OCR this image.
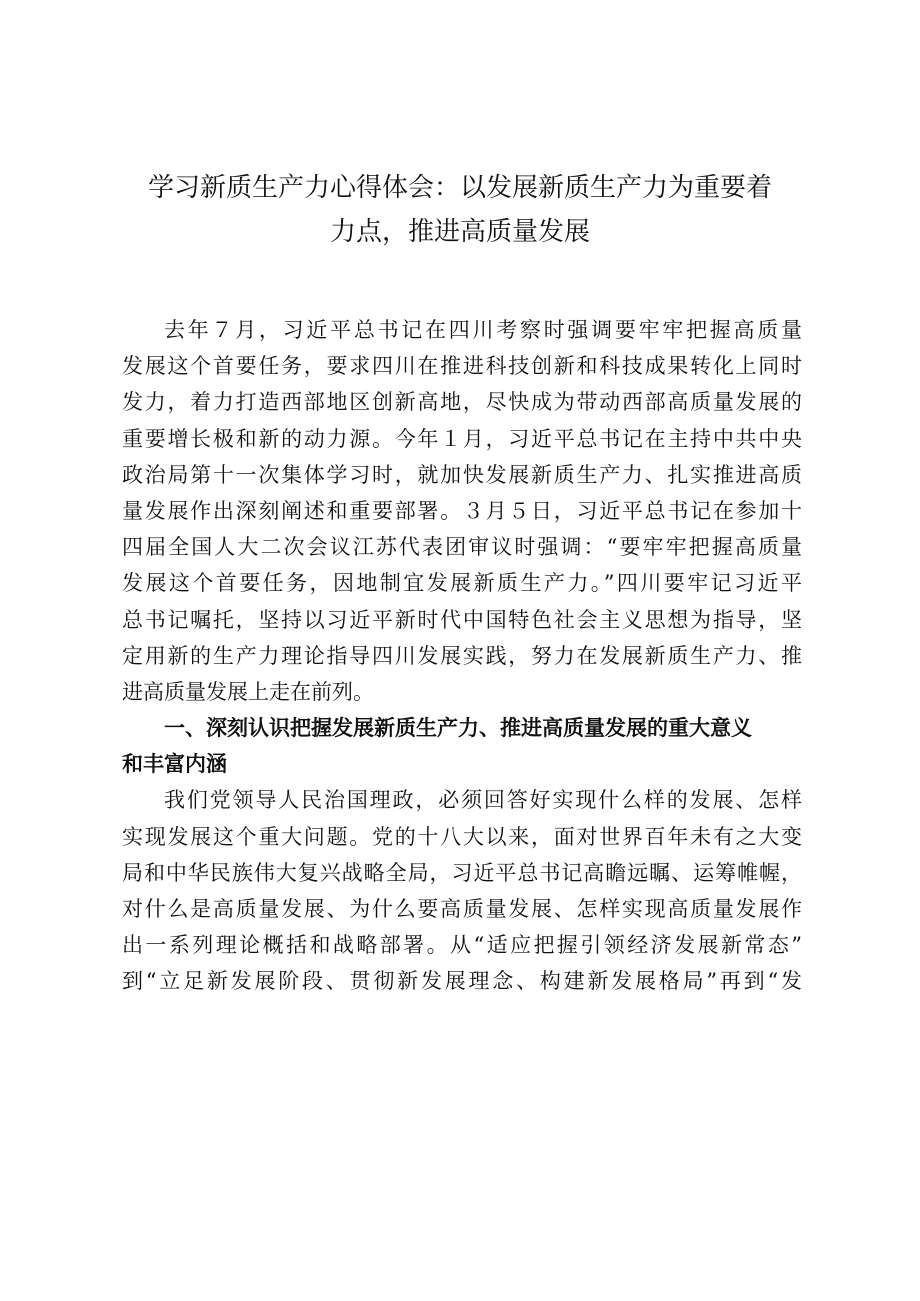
学习新质生产力心得体会：以发展新质生产力为重要着
力点，推进高质量发展

去年７月，习近平总书记在四川考察时强调要牢牢把握高质量
发展这个首要任务，要求四川在推进科技创新和科技成果转化上同时
发力，着力打造西部地区创新高地，尽快成为带动西部高质量发展的
重要增长极和新的动力源。今年１月，习近平总书记在主持中共中央
政治局第十一次集体学习时，就加快发展新质生产力、扎实推进高质
量发展作出深刻阐述和重要部署。３月５日，习近平总书记在参加十
四届全国人大二次会议江苏代表团审议时强调：“要牢牢把握高质量
发展这个首要任务，因地制宜发展新质生产力。”四川要牢记习近平
总书记嘱托，坚持以习近平新时代中国特色社会主义思想为指导，坚
定用新的生产力理论指导四川发展实践，努力在发展新质生产力、推
进高质量发展上走在前列。

一、深刻认识把握发展新质生产力、推进高质量发展的重大意义
和丰富内涵

我们党领导人民治国理政，必须回答好实现什么样的发展、怎样
实现发展这个重大问题。党的十八大以来，面对世界百年未有之大变
局和中华民族伟大复兴战略全局，习近平总书记高瞻远瞩、运筹帷幄，
对什么是高质量发展、为什么要高质量发展、怎样实现高质量发展作
出一系列理论概括和战略部署。从“适应把握引领经济发展新常态”
到“立足新发展阶段、贯彻新发展理念、构建新发展格局”再到“发
